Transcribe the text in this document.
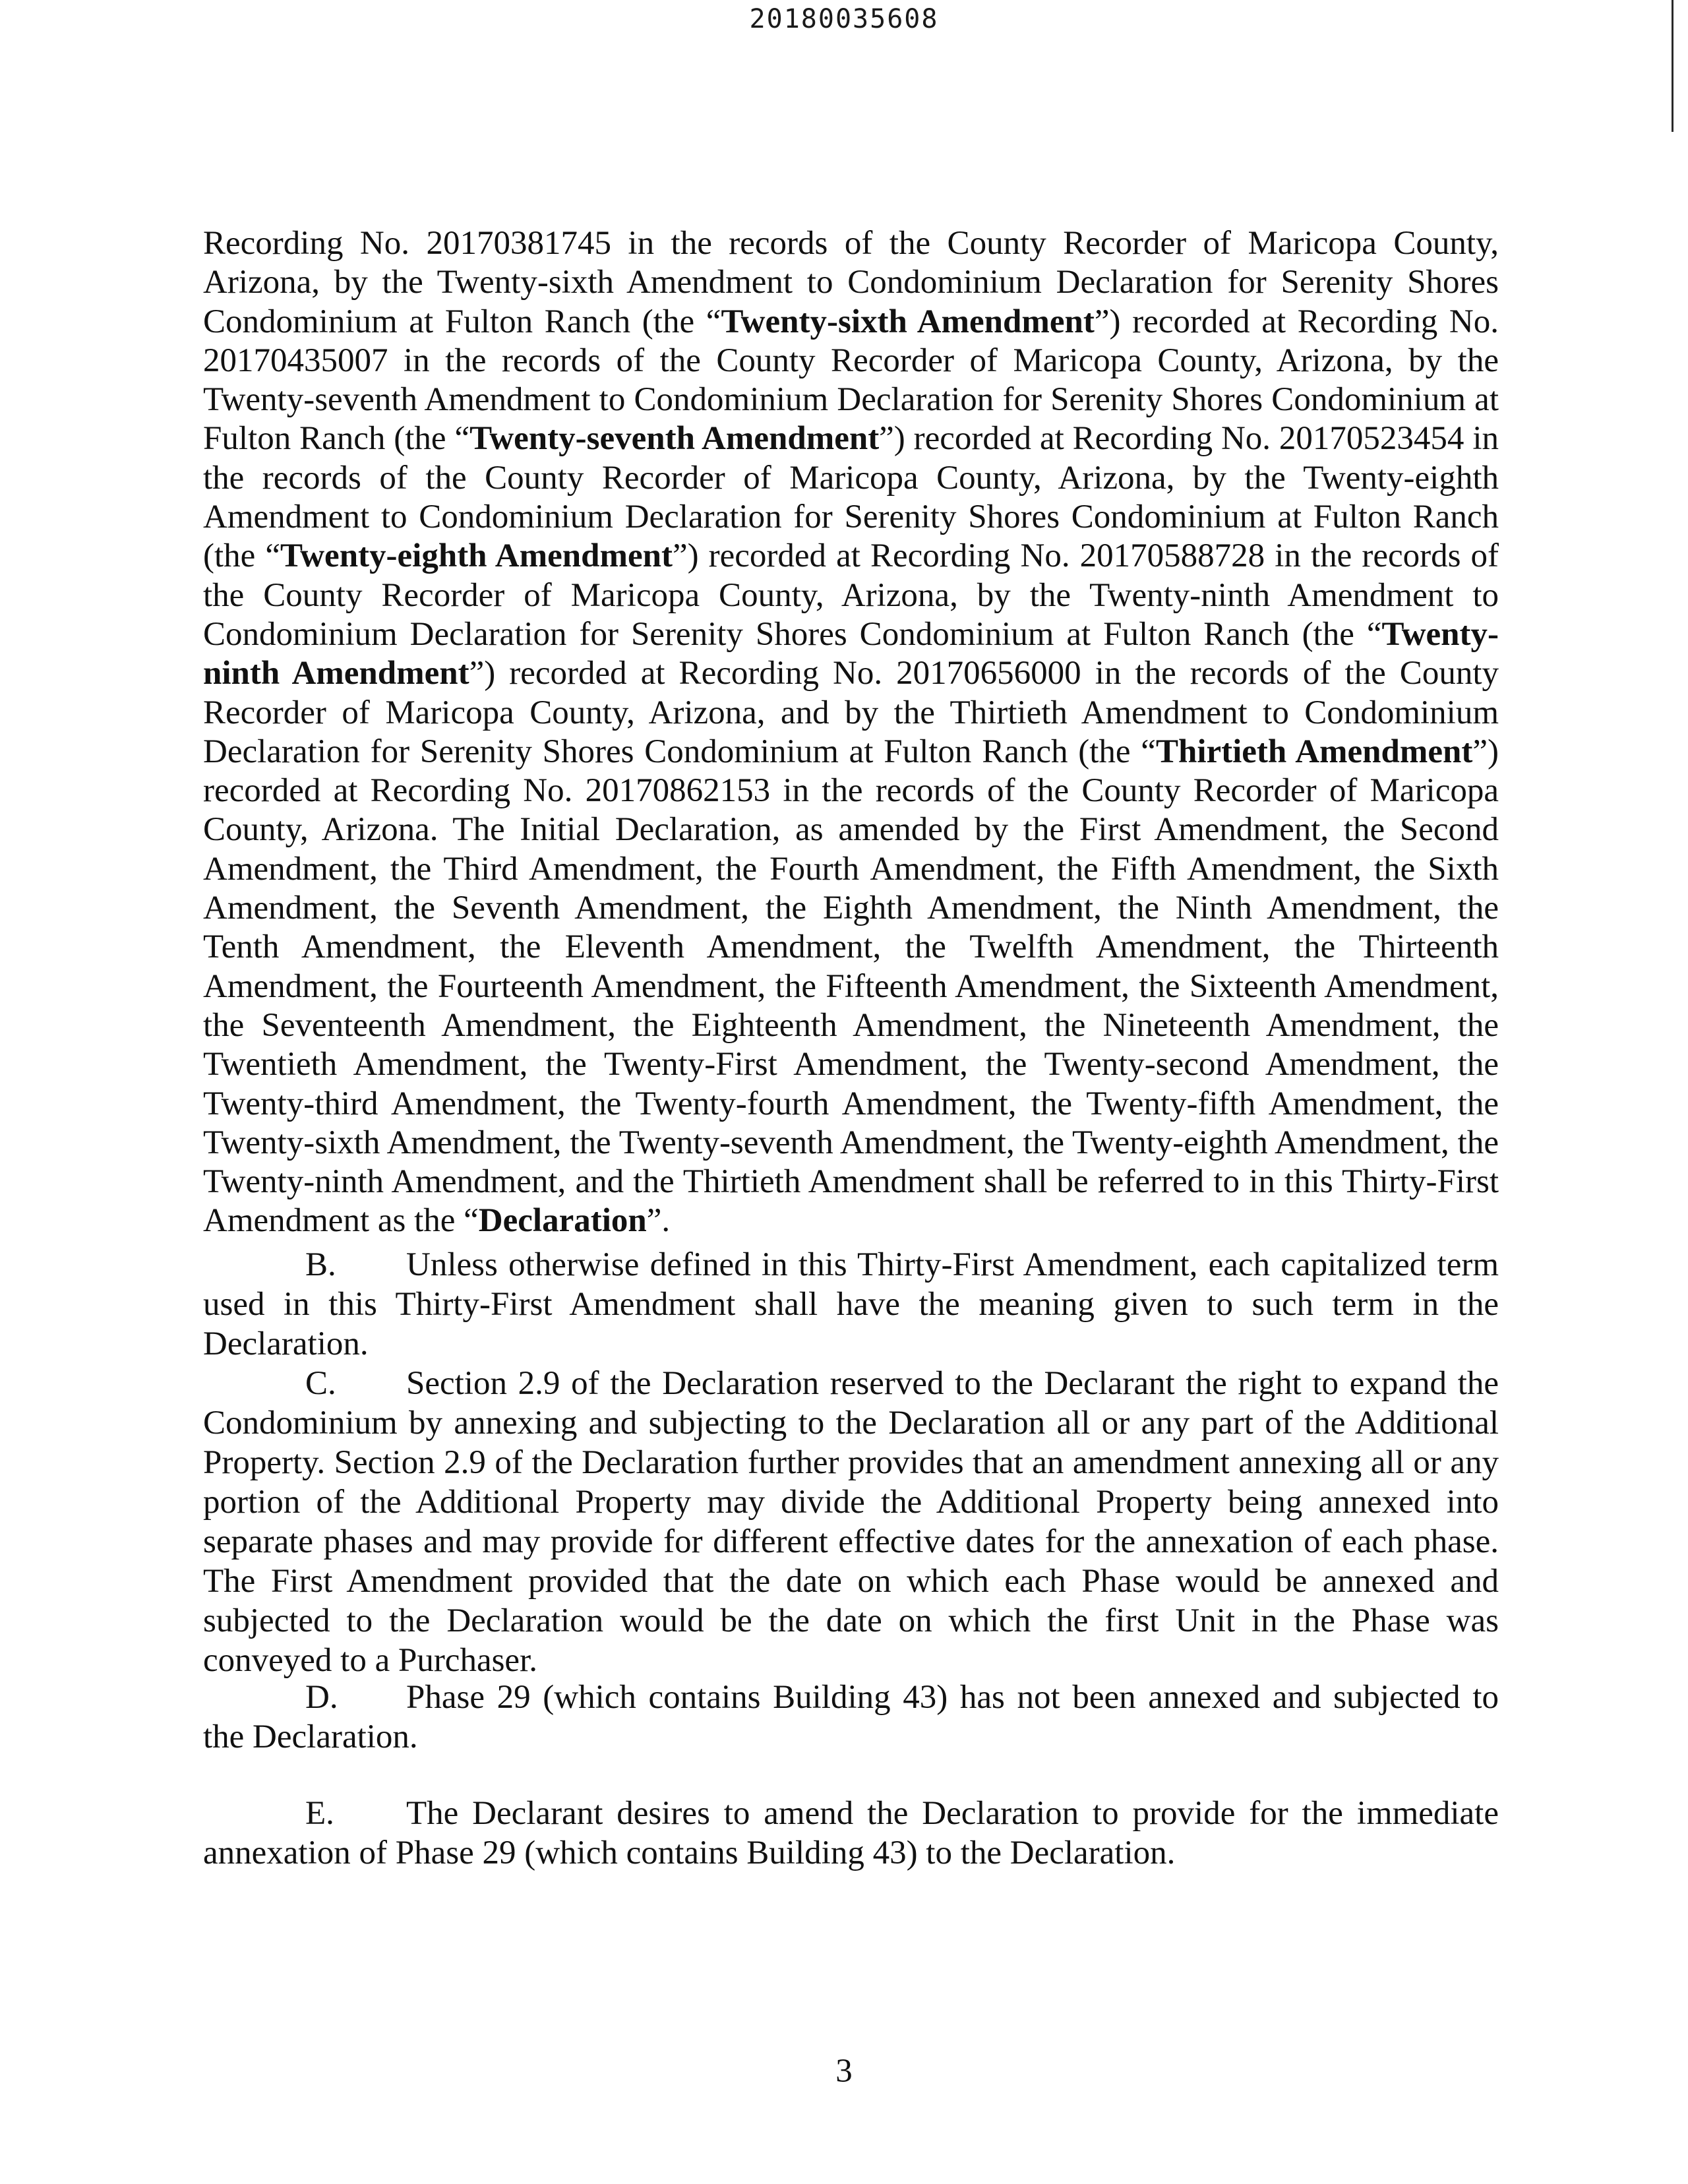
20180035608

Recording No. 20170381745 in the records of the County Recorder of Maricopa County, Arizona, by the Twenty-sixth Amendment to Condominium Declaration for Serenity Shores Condominium at Fulton Ranch (the “Twenty-sixth Amendment”) recorded at Recording No. 20170435007 in the records of the County Recorder of Maricopa County, Arizona, by the Twenty-seventh Amendment to Condominium Declaration for Serenity Shores Condominium at Fulton Ranch (the “Twenty-seventh Amendment”) recorded at Recording No. 20170523454 in the records of the County Recorder of Maricopa County, Arizona, by the Twenty-eighth Amendment to Condominium Declaration for Serenity Shores Condominium at Fulton Ranch (the “Twenty-eighth Amendment”) recorded at Recording No. 20170588728 in the records of the County Recorder of Maricopa County, Arizona, by the Twenty-ninth Amendment to Condominium Declaration for Serenity Shores Condominium at Fulton Ranch (the “Twenty-ninth Amendment”) recorded at Recording No. 20170656000 in the records of the County Recorder of Maricopa County, Arizona, and by the Thirtieth Amendment to Condominium Declaration for Serenity Shores Condominium at Fulton Ranch (the “Thirtieth Amendment”) recorded at Recording No. 20170862153 in the records of the County Recorder of Maricopa County, Arizona. The Initial Declaration, as amended by the First Amendment, the Second Amendment, the Third Amendment, the Fourth Amendment, the Fifth Amendment, the Sixth Amendment, the Seventh Amendment, the Eighth Amendment, the Ninth Amendment, the Tenth Amendment, the Eleventh Amendment, the Twelfth Amendment, the Thirteenth Amendment, the Fourteenth Amendment, the Fifteenth Amendment, the Sixteenth Amendment, the Seventeenth Amendment, the Eighteenth Amendment, the Nineteenth Amendment, the Twentieth Amendment, the Twenty-First Amendment, the Twenty-second Amendment, the Twenty-third Amendment, the Twenty-fourth Amendment, the Twenty-fifth Amendment, the Twenty-sixth Amendment, the Twenty-seventh Amendment, the Twenty-eighth Amendment, the Twenty-ninth Amendment, and the Thirtieth Amendment shall be referred to in this Thirty-First Amendment as the “Declaration”.

B. Unless otherwise defined in this Thirty-First Amendment, each capitalized term used in this Thirty-First Amendment shall have the meaning given to such term in the Declaration.

C. Section 2.9 of the Declaration reserved to the Declarant the right to expand the Condominium by annexing and subjecting to the Declaration all or any part of the Additional Property. Section 2.9 of the Declaration further provides that an amendment annexing all or any portion of the Additional Property may divide the Additional Property being annexed into separate phases and may provide for different effective dates for the annexation of each phase. The First Amendment provided that the date on which each Phase would be annexed and subjected to the Declaration would be the date on which the first Unit in the Phase was conveyed to a Purchaser.

D. Phase 29 (which contains Building 43) has not been annexed and subjected to the Declaration.

E. The Declarant desires to amend the Declaration to provide for the immediate annexation of Phase 29 (which contains Building 43) to the Declaration.

3
